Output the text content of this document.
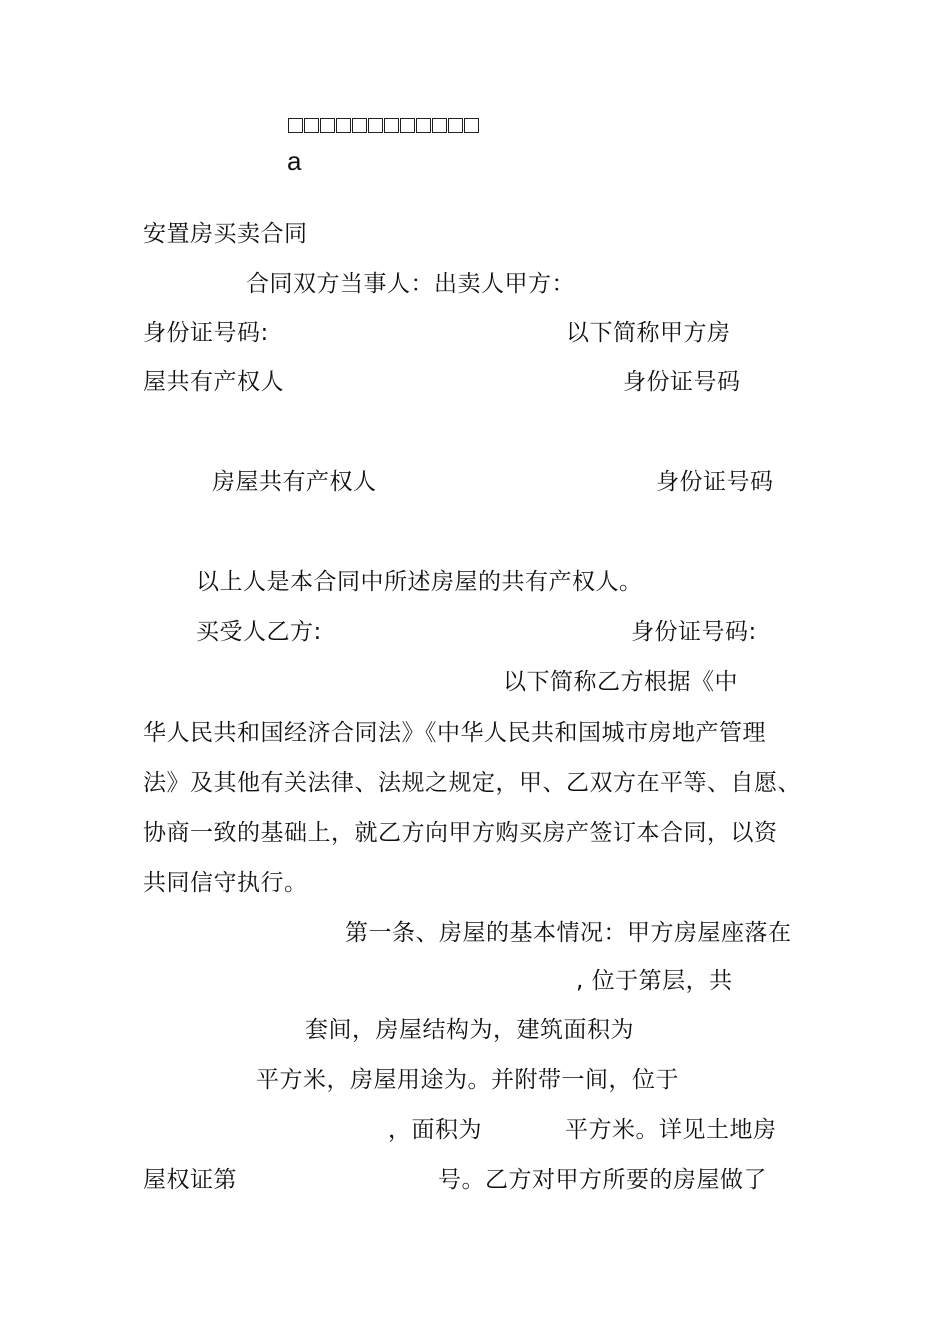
a
安置房买卖合同
合同双方当事人：出卖人甲方：
身份证号码:	以下简称甲方房
屋共有产权人	身份证号码
房屋共有产权人	身份证号码
以上人是本合同中所述房屋的共有产权人。
买受人乙方:	身份证号码:
以下简称乙方根据《中
华人民共和国经济合同法》《中华人民共和国城市房地产管理
法》及其他有关法律、法规之规定，甲、乙双方在平等、自愿、
协商一致的基础上，就乙方向甲方购买房产签订本合同，以资
共同信守执行。
第一条、房屋的基本情况：甲方房屋座落在
, 位于第层，共
套间，房屋结构为，建筑面积为
平方米，房屋用途为。并附带一间，位于
，面积为	平方米。详见土地房
屋权证第	号。乙方对甲方所要的房屋做了
